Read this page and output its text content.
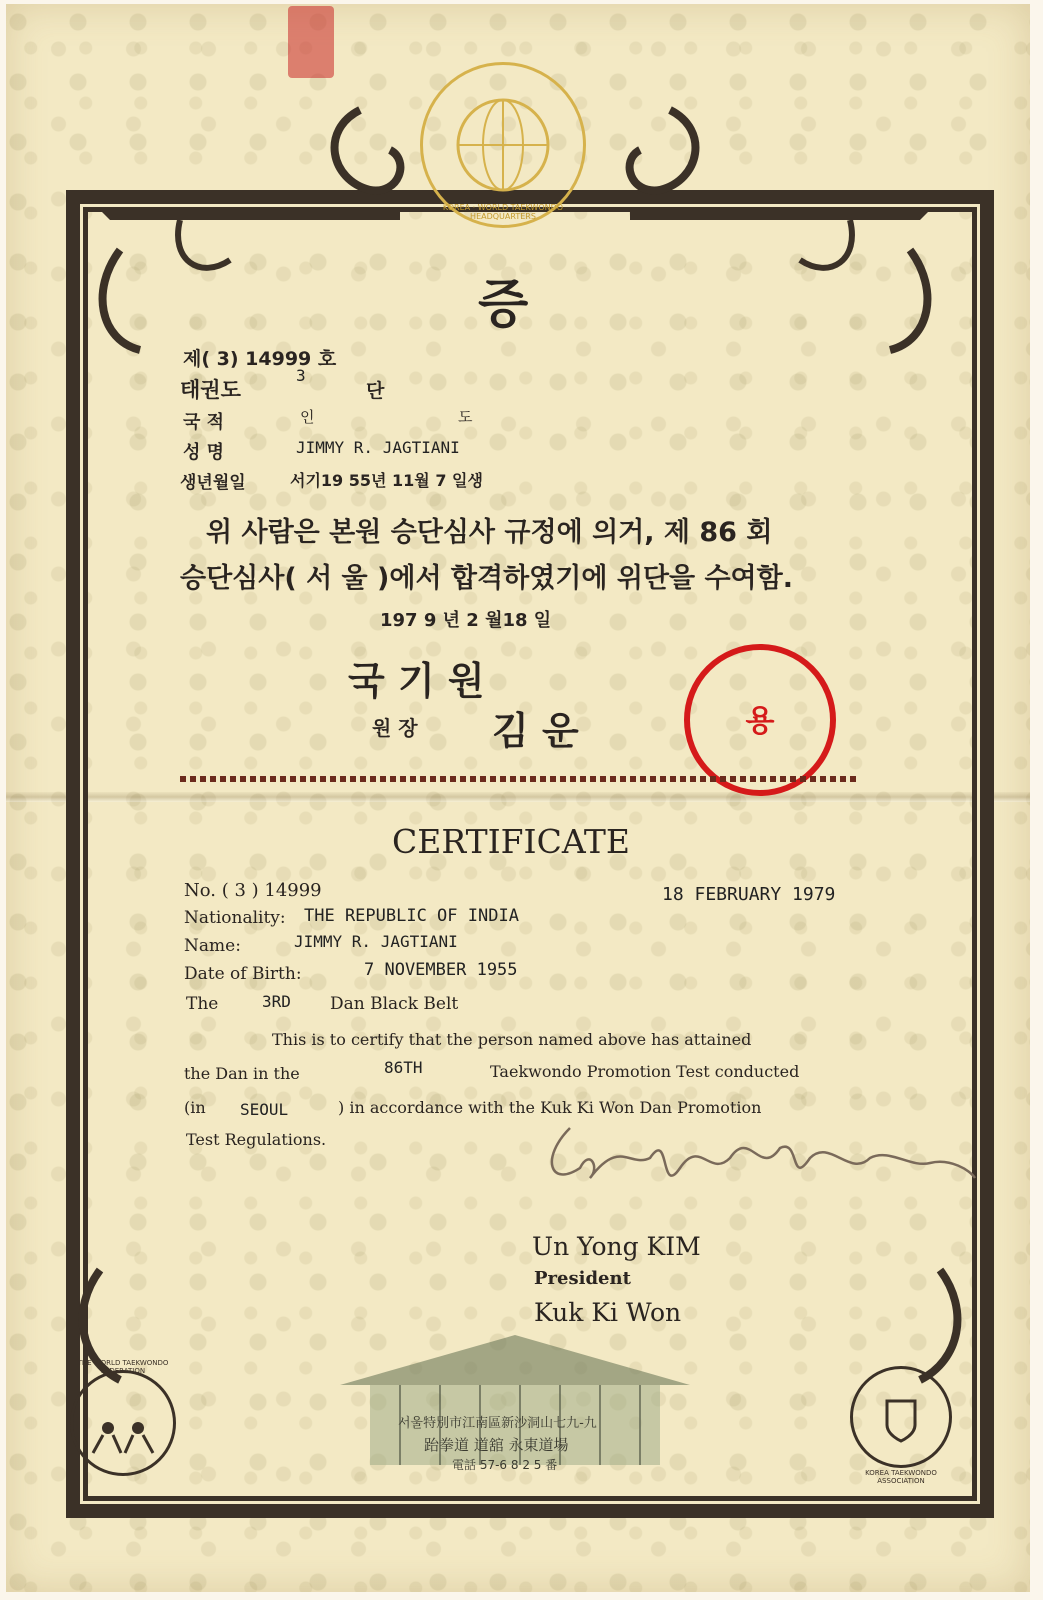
KOREA · WORLD TAEKWONDO HEADQUARTERS
증
제( 3) 14999 호
태권도
3
단
국 적	인	도
성 명	JIMMY R. JAGTIANI
생년월일	서기19 55년 11월 7 일생
위 사람은 본원 승단심사 규정에 의거, 제 86 회
승단심사( 서 울 )에서 합격하였기에 위단을 수여함.
197 9 년 2 월18 일
국 기 원
원 장 김 운	용
CERTIFICATE
No. ( 3 ) 14999	18 FEBRUARY 1979
Nationality: THE REPUBLIC OF INDIA
Name:	JIMMY R. JAGTIANI
Date of Birth:	7 NOVEMBER 1955
The	3RD Dan Black Belt
This is to certify that the person named above has attained
the Dan in the	86TH	Taekwondo Promotion Test conducted
(in SEOUL	) in accordance with the Kuk Ki Won Dan Promotion
Test Regulations.
Un Yong KIM
President
Kuk Ki Won
서울特別市江南區新沙洞山七九-九
跆拳道 道舘 永東道場
電話 57-6 8 2 5 番
THE WORLD TAEKWONDO FEDERATION
KOREA TAEKWONDO ASSOCIATION
